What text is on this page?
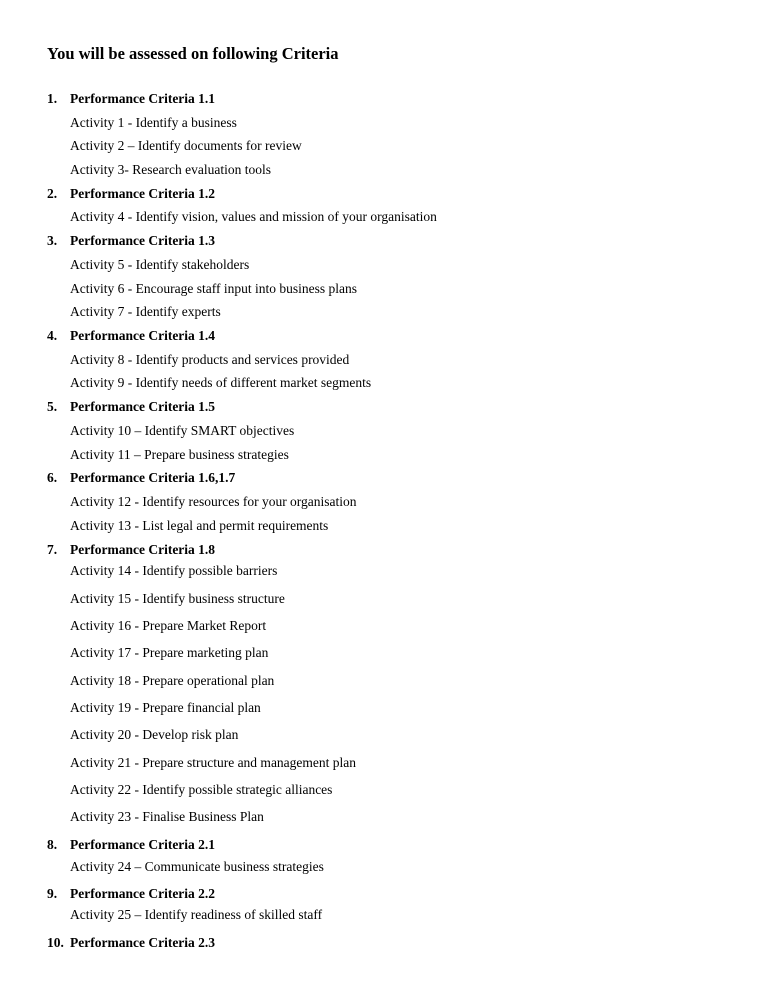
You will be assessed on following Criteria
1. Performance Criteria 1.1
Activity 1 - Identify a business
Activity 2 – Identify documents for review
Activity 3- Research evaluation tools
2. Performance Criteria 1.2
Activity 4 - Identify vision, values and mission of your organisation
3. Performance Criteria 1.3
Activity 5 - Identify stakeholders
Activity 6 - Encourage staff input into business plans
Activity 7 - Identify experts
4. Performance Criteria 1.4
Activity 8 - Identify products and services provided
Activity 9 - Identify needs of different market segments
5. Performance Criteria 1.5
Activity 10 – Identify SMART objectives
Activity 11 – Prepare business strategies
6. Performance Criteria 1.6,1.7
Activity 12 - Identify resources for your organisation
Activity 13 - List legal and permit requirements
7. Performance Criteria 1.8
Activity 14 - Identify possible barriers
Activity 15 - Identify business structure
Activity 16 - Prepare Market Report
Activity 17 - Prepare marketing plan
Activity 18 - Prepare operational plan
Activity 19 - Prepare financial plan
Activity 20 - Develop risk plan
Activity 21 - Prepare structure and management plan
Activity 22 - Identify possible strategic alliances
Activity 23 - Finalise Business Plan
8. Performance Criteria 2.1
Activity 24 – Communicate business strategies
9. Performance Criteria 2.2
Activity 25 – Identify readiness of skilled staff
10. Performance Criteria 2.3
